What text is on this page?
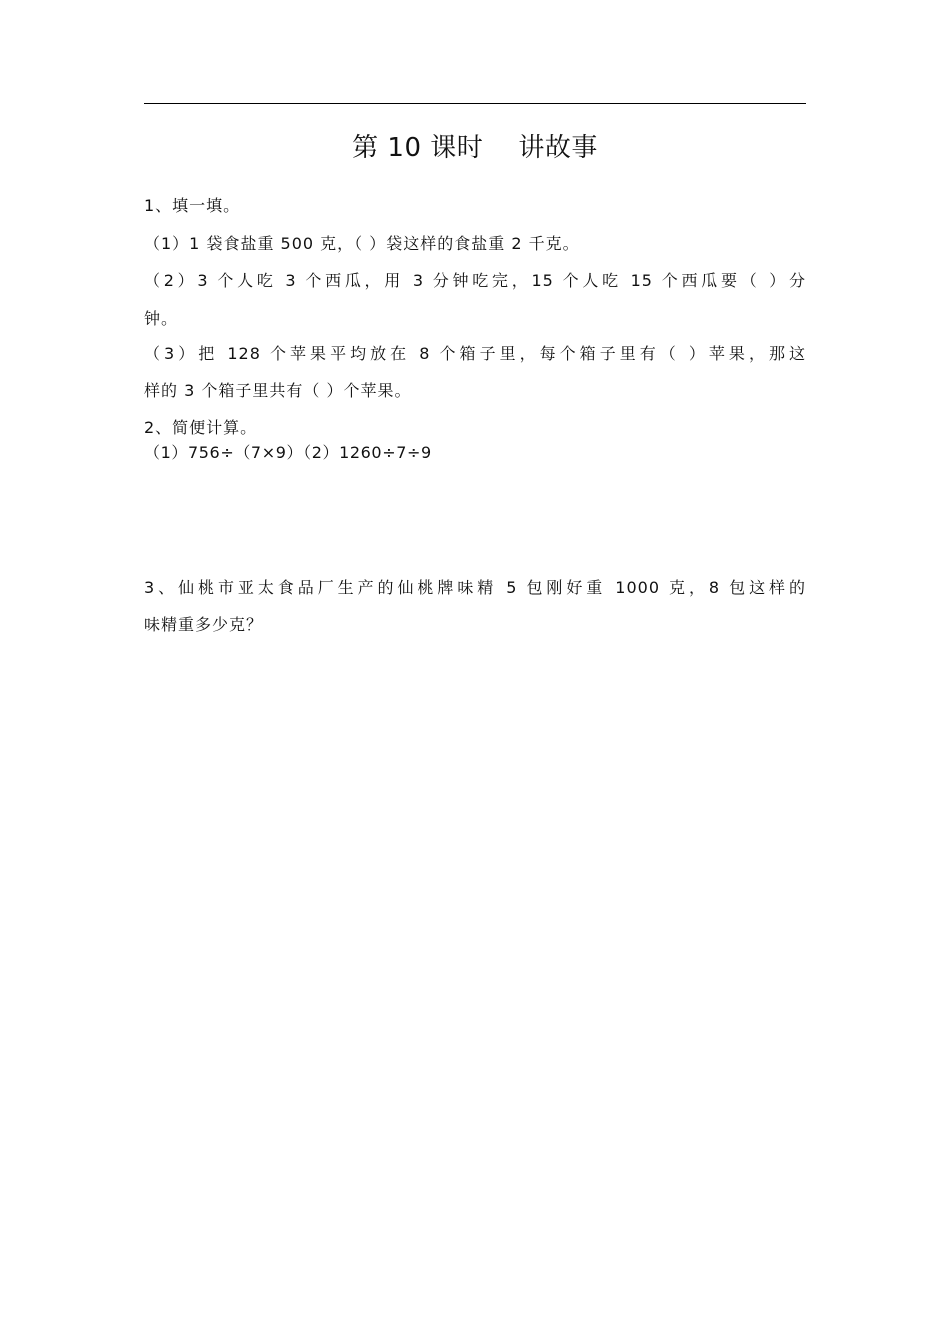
第 10 课时    讲故事
1、填一填。
（1）1 袋食盐重 500 克，（ ）袋这样的食盐重 2 千克。
（2）3 个人吃 3 个西瓜，用 3 分钟吃完，15 个人吃 15 个西瓜要（ ）分
钟。
（3）把 128 个苹果平均放在 8 个箱子里，每个箱子里有（ ）苹果，那这
样的 3 个箱子里共有（ ）个苹果。
2、简便计算。
（1）756÷（7×9）（2）1260÷7÷9
3、仙桃市亚太食品厂生产的仙桃牌味精 5 包刚好重 1000 克，8 包这样的
味精重多少克？
